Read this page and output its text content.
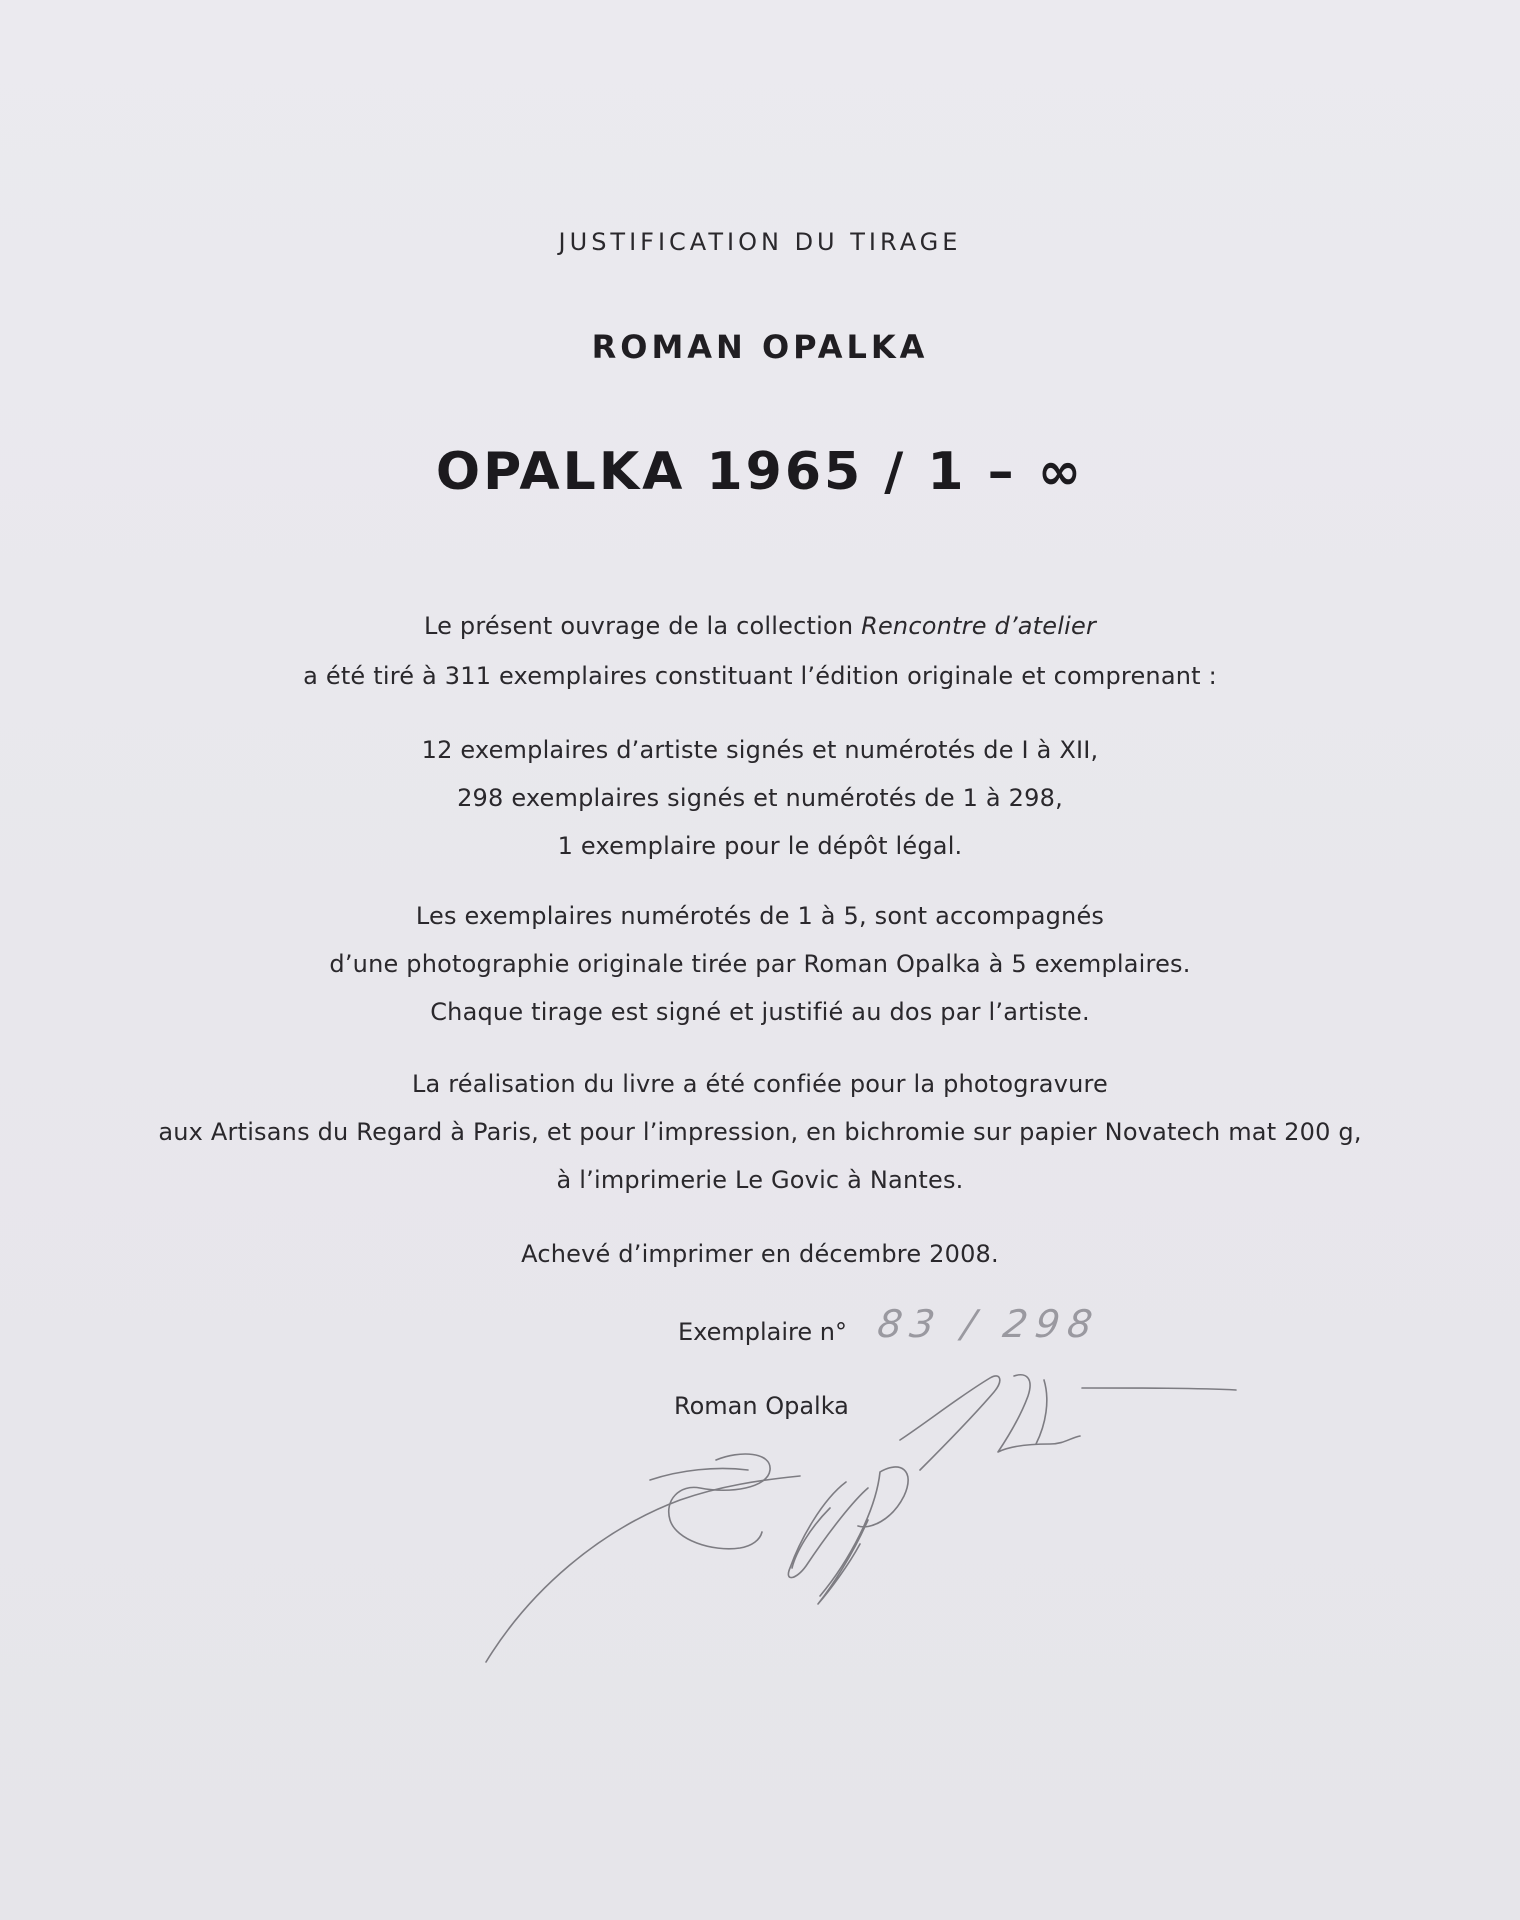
JUSTIFICATION DU TIRAGE
ROMAN OPALKA
OPALKA 1965 / 1 – ∞
Le présent ouvrage de la collection Rencontre d’atelier
a été tiré à 311 exemplaires constituant l’édition originale et comprenant :
12 exemplaires d’artiste signés et numérotés de I à XII,
298 exemplaires signés et numérotés de 1 à 298,
1 exemplaire pour le dépôt légal.
Les exemplaires numérotés de 1 à 5, sont accompagnés
d’une photographie originale tirée par Roman Opalka à 5 exemplaires.
Chaque tirage est signé et justifié au dos par l’artiste.
La réalisation du livre a été confiée pour la photogravure
aux Artisans du Regard à Paris, et pour l’impression, en bichromie sur papier Novatech mat 200 g,
à l’imprimerie Le Govic à Nantes.
Achevé d’imprimer en décembre 2008.
Exemplaire n° 83 / 298
Roman Opalka
